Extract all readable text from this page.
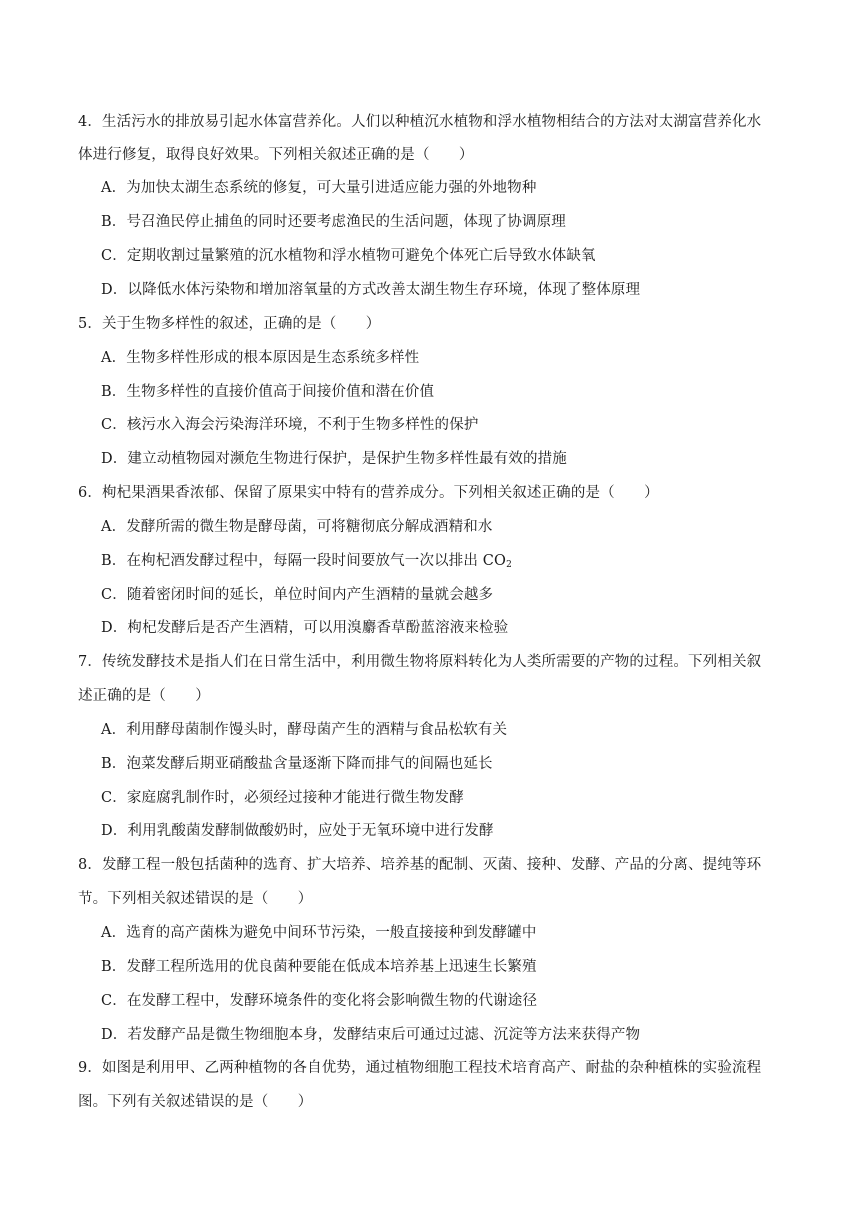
4．生活污水的排放易引起水体富营养化。人们以种植沉水植物和浮水植物相结合的方法对太湖富营养化水
体进行修复，取得良好效果。下列相关叙述正确的是（　　）
A．为加快太湖生态系统的修复，可大量引进适应能力强的外地物种
B．号召渔民停止捕鱼的同时还要考虑渔民的生活问题，体现了协调原理
C．定期收割过量繁殖的沉水植物和浮水植物可避免个体死亡后导致水体缺氧
D．以降低水体污染物和增加溶氧量的方式改善太湖生物生存环境，体现了整体原理
5．关于生物多样性的叙述，正确的是（　　）
A．生物多样性形成的根本原因是生态系统多样性
B．生物多样性的直接价值高于间接价值和潜在价值
C．核污水入海会污染海洋环境，不利于生物多样性的保护
D．建立动植物园对濒危生物进行保护，是保护生物多样性最有效的措施
6．枸杞果酒果香浓郁、保留了原果实中特有的营养成分。下列相关叙述正确的是（　　）
A．发酵所需的微生物是酵母菌，可将糖彻底分解成酒精和水
B．在枸杞酒发酵过程中，每隔一段时间要放气一次以排出 $CO_2$
C．随着密闭时间的延长，单位时间内产生酒精的量就会越多
D．枸杞发酵后是否产生酒精，可以用溴麝香草酚蓝溶液来检验
7．传统发酵技术是指人们在日常生活中，利用微生物将原料转化为人类所需要的产物的过程。下列相关叙
述正确的是（　　）
A．利用酵母菌制作馒头时，酵母菌产生的酒精与食品松软有关
B．泡菜发酵后期亚硝酸盐含量逐渐下降而排气的间隔也延长
C．家庭腐乳制作时，必须经过接种才能进行微生物发酵
D．利用乳酸菌发酵制做酸奶时，应处于无氧环境中进行发酵
8．发酵工程一般包括菌种的选育、扩大培养、培养基的配制、灭菌、接种、发酵、产品的分离、提纯等环
节。下列相关叙述错误的是（　　）
A．选育的高产菌株为避免中间环节污染，一般直接接种到发酵罐中
B．发酵工程所选用的优良菌种要能在低成本培养基上迅速生长繁殖
C．在发酵工程中，发酵环境条件的变化将会影响微生物的代谢途径
D．若发酵产品是微生物细胞本身，发酵结束后可通过过滤、沉淀等方法来获得产物
9．如图是利用甲、乙两种植物的各自优势，通过植物细胞工程技术培育高产、耐盐的杂种植株的实验流程
图。下列有关叙述错误的是（　　）
